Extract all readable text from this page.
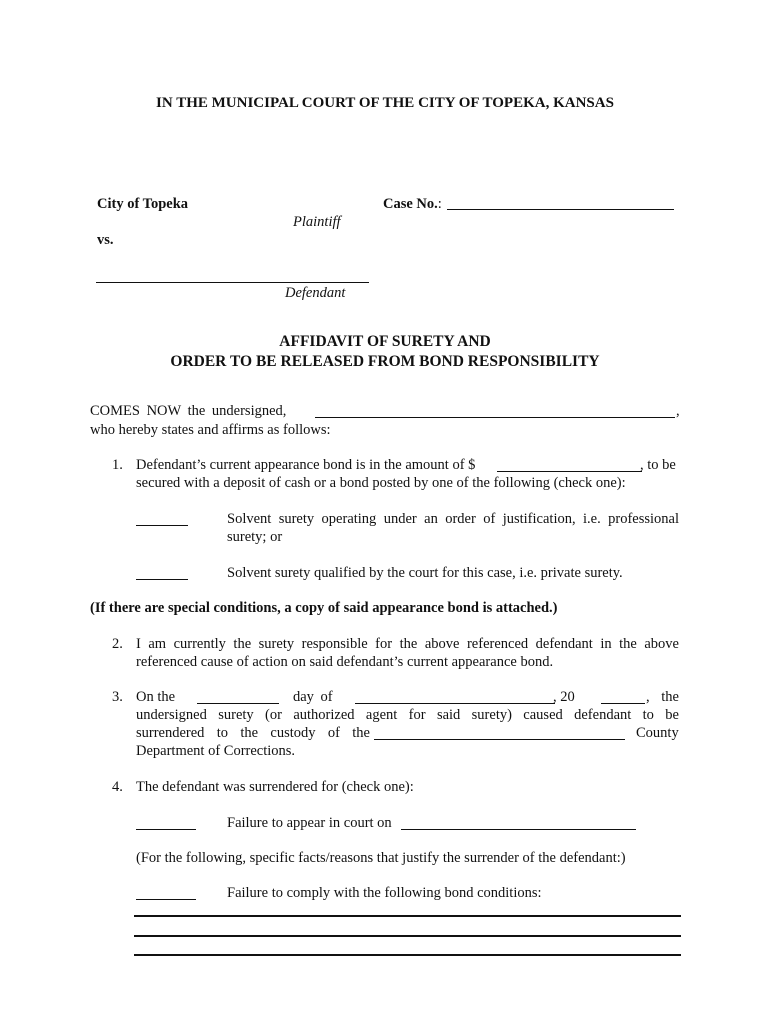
IN THE MUNICIPAL COURT OF THE CITY OF TOPEKA, KANSAS
City of Topeka
Plaintiff
vs.
Defendant
Case No.:
AFFIDAVIT OF SURETY AND
ORDER TO BE RELEASED FROM BOND RESPONSIBILITY
COMES NOW the undersigned,	,
who hereby states and affirms as follows:
1. Defendant’s current appearance bond is in the amount of $	, to be
secured with a deposit of cash or a bond posted by one of the following (check one):
Solvent surety operating under an order of justification, i.e. professional
surety; or
Solvent surety qualified by the court for this case, i.e. private surety.
(If there are special conditions, a copy of said appearance bond is attached.)
2. I am currently the surety responsible for the above referenced defendant in the above
referenced cause of action on said defendant’s current appearance bond.
3. On the	day of	, 20	, the
undersigned surety (or authorized agent for said surety) caused defendant to be
surrendered to the custody of the	County
Department of Corrections.
4. The defendant was surrendered for (check one):
Failure to appear in court on
(For the following, specific facts/reasons that justify the surrender of the defendant:)
Failure to comply with the following bond conditions:
